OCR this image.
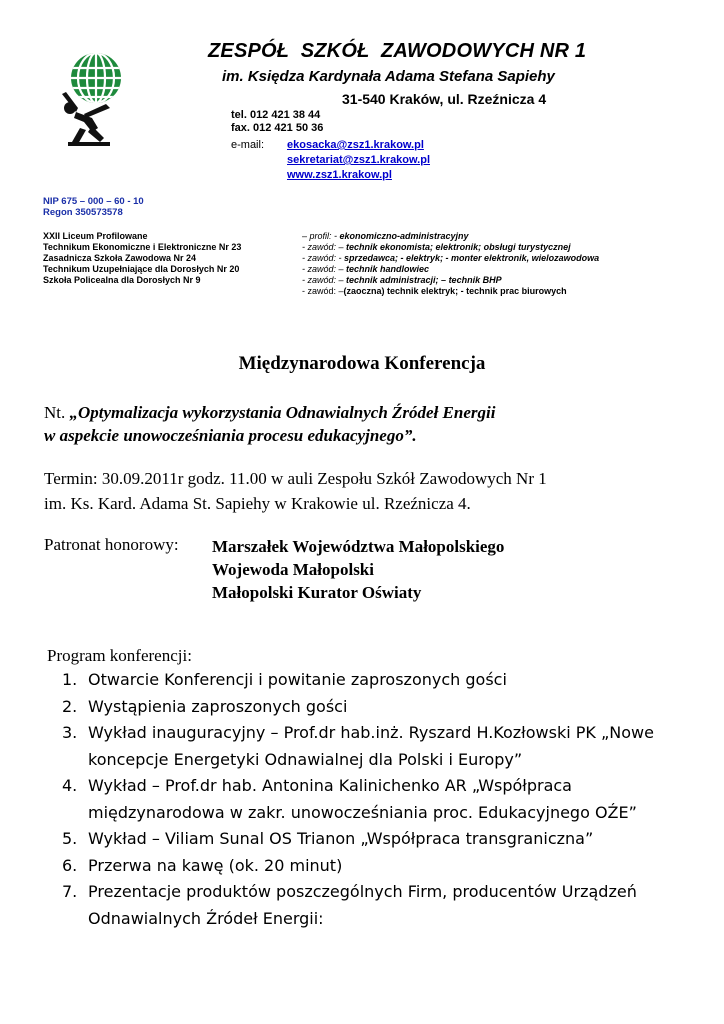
ZESPÓŁ  SZKÓŁ  ZAWODOWYCH NR 1
im. Księdza Kardynała Adama Stefana Sapiehy
31-540 Kraków, ul. Rzeźnicza 4
tel. 012 421 38 44
fax. 012 421 50 36
e-mail:	ekosacka@zsz1.krakow.pl
sekretariat@zsz1.krakow.pl
www.zsz1.krakow.pl
NIP 675 – 000 – 60 - 10
Regon 350573578
XXII Liceum Profilowane
Technikum Ekonomiczne i Elektroniczne Nr 23
Zasadnicza Szkoła Zawodowa Nr 24
Technikum Uzupełniające dla Dorosłych Nr 20
Szkoła Policealna dla Dorosłych Nr 9
– profil: - ekonomiczno-administracyjny
- zawód: – technik ekonomista; elektronik; obsługi turystycznej
- zawód: - sprzedawca; - elektryk; - monter elektronik, wielozawodowa
- zawód: – technik handlowiec
- zawód: – technik administracji; – technik BHP
- zawód: –(zaoczna) technik elektryk; - technik prac biurowych
Międzynarodowa Konferencja
Nt. „Optymalizacja wykorzystania Odnawialnych Źródeł Energii
w aspekcie unowocześniania procesu edukacyjnego”.
Termin: 30.09.2011r godz. 11.00 w auli Zespołu Szkół Zawodowych Nr 1
im. Ks. Kard. Adama St. Sapiehy w Krakowie ul. Rzeźnicza 4.
Patronat honorowy: Marszałek Województwa Małopolskiego
Wojewoda Małopolski
Małopolski Kurator Oświaty
Program konferencji:
1. Otwarcie Konferencji i powitanie zaproszonych gości
2. Wystąpienia zaproszonych gości
3. Wykład inauguracyjny – Prof.dr hab.inż. Ryszard H.Kozłowski PK „Nowe koncepcje Energetyki Odnawialnej dla Polski i Europy”
4. Wykład – Prof.dr hab. Antonina Kalinichenko AR „Współpraca międzynarodowa w zakr. unowocześniania proc. Edukacyjnego OŹE”
5. Wykład – Viliam Sunal OS Trianon „Współpraca transgraniczna”
6. Przerwa na kawę (ok. 20 minut)
7. Prezentacje produktów poszczególnych Firm, producentów Urządzeń Odnawialnych Źródeł Energii:
